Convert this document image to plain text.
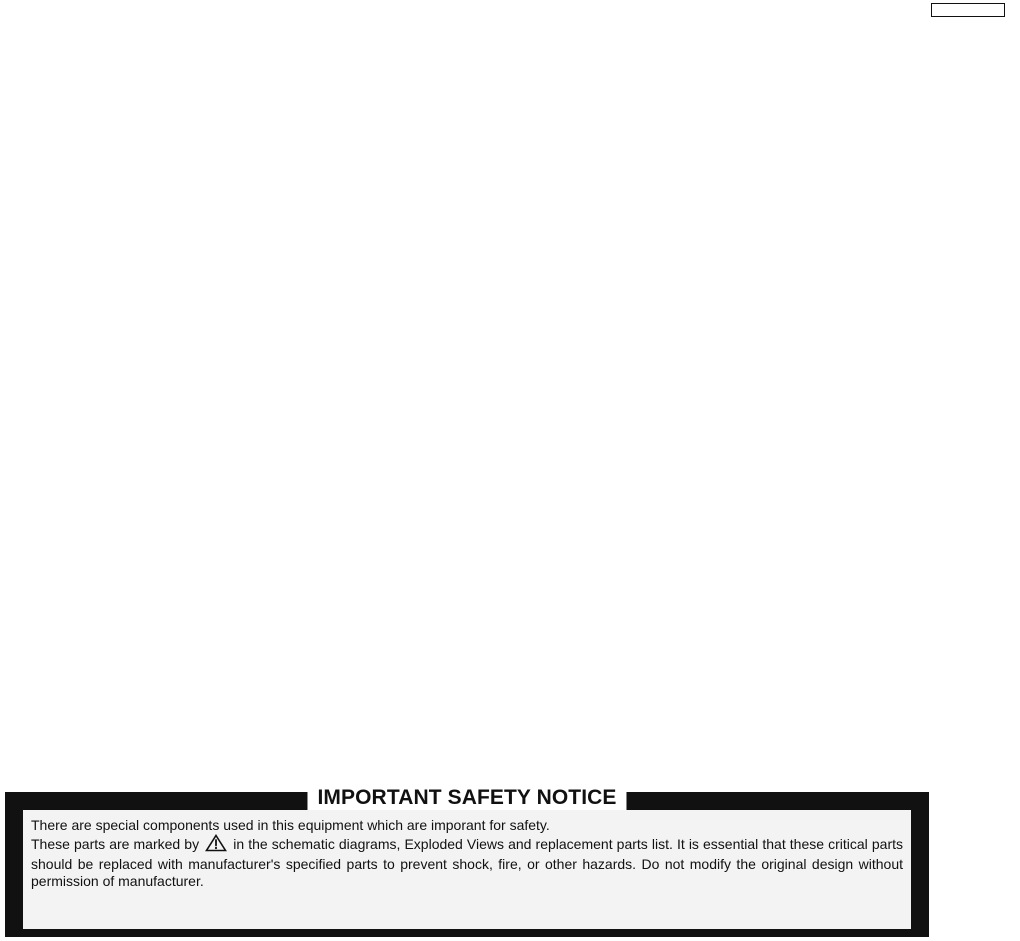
IMPORTANT SAFETY NOTICE

There are special components used in this equipment which are imporant for safety.

These parts are marked by in the schematic diagrams, Exploded Views and replacement parts list. It is essential that these critical parts should be replaced with manufacturer's specified parts to prevent shock, fire, or other hazards. Do not modify the original design without permission of manufacturer.
